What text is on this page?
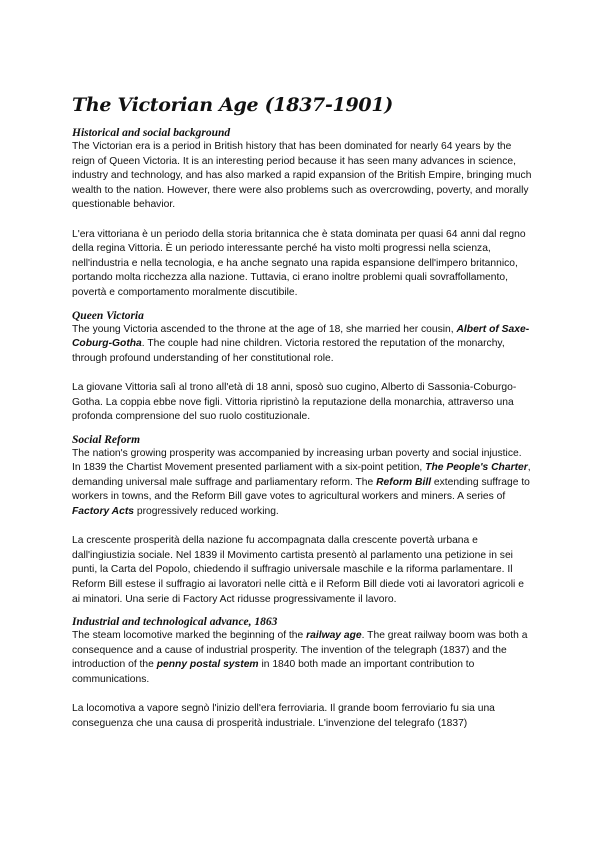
The Victorian Age (1837-1901)
Historical and social background

The Victorian era is a period in British history that has been dominated for nearly 64 years by the reign of Queen Victoria. It is an interesting period because it has seen many advances in science, industry and technology, and has also marked a rapid expansion of the British Empire, bringing much wealth to the nation. However, there were also problems such as overcrowding, poverty, and morally questionable behavior.

L'era vittoriana è un periodo della storia britannica che è stata dominata per quasi 64 anni dal regno della regina Vittoria. È un periodo interessante perché ha visto molti progressi nella scienza, nell'industria e nella tecnologia, e ha anche segnato una rapida espansione dell'impero britannico, portando molta ricchezza alla nazione. Tuttavia, ci erano inoltre problemi quali sovraffollamento, povertà e comportamento moralmente discutibile.

Queen Victoria

The young Victoria ascended to the throne at the age of 18, she married her cousin, Albert of Saxe-Coburg-Gotha. The couple had nine children. Victoria restored the reputation of the monarchy, through profound understanding of her constitutional role.

La giovane Vittoria salì al trono all'età di 18 anni, sposò suo cugino, Alberto di Sassonia-Coburgo-Gotha. La coppia ebbe nove figli. Vittoria ripristinò la reputazione della monarchia, attraverso una profonda comprensione del suo ruolo costituzionale.

Social Reform

The nation's growing prosperity was accompanied by increasing urban poverty and social injustice. In 1839 the Chartist Movement presented parliament with a six-point petition, The People's Charter, demanding universal male suffrage and parliamentary reform. The Reform Bill extending suffrage to workers in towns, and the Reform Bill gave votes to agricultural workers and miners. A series of Factory Acts progressively reduced working.

La crescente prosperità della nazione fu accompagnata dalla crescente povertà urbana e dall'ingiustizia sociale. Nel 1839 il Movimento cartista presentò al parlamento una petizione in sei punti, la Carta del Popolo, chiedendo il suffragio universale maschile e la riforma parlamentare. Il Reform Bill estese il suffragio ai lavoratori nelle città e il Reform Bill diede voti ai lavoratori agricoli e ai minatori. Una serie di Factory Act ridusse progressivamente il lavoro.

Industrial and technological advance, 1863

The steam locomotive marked the beginning of the railway age. The great railway boom was both a consequence and a cause of industrial prosperity. The invention of the telegraph (1837) and the introduction of the penny postal system in 1840 both made an important contribution to communications.

La locomotiva a vapore segnò l'inizio dell'era ferroviaria. Il grande boom ferroviario fu sia una conseguenza che una causa di prosperità industriale. L'invenzione del telegrafo (1837)
